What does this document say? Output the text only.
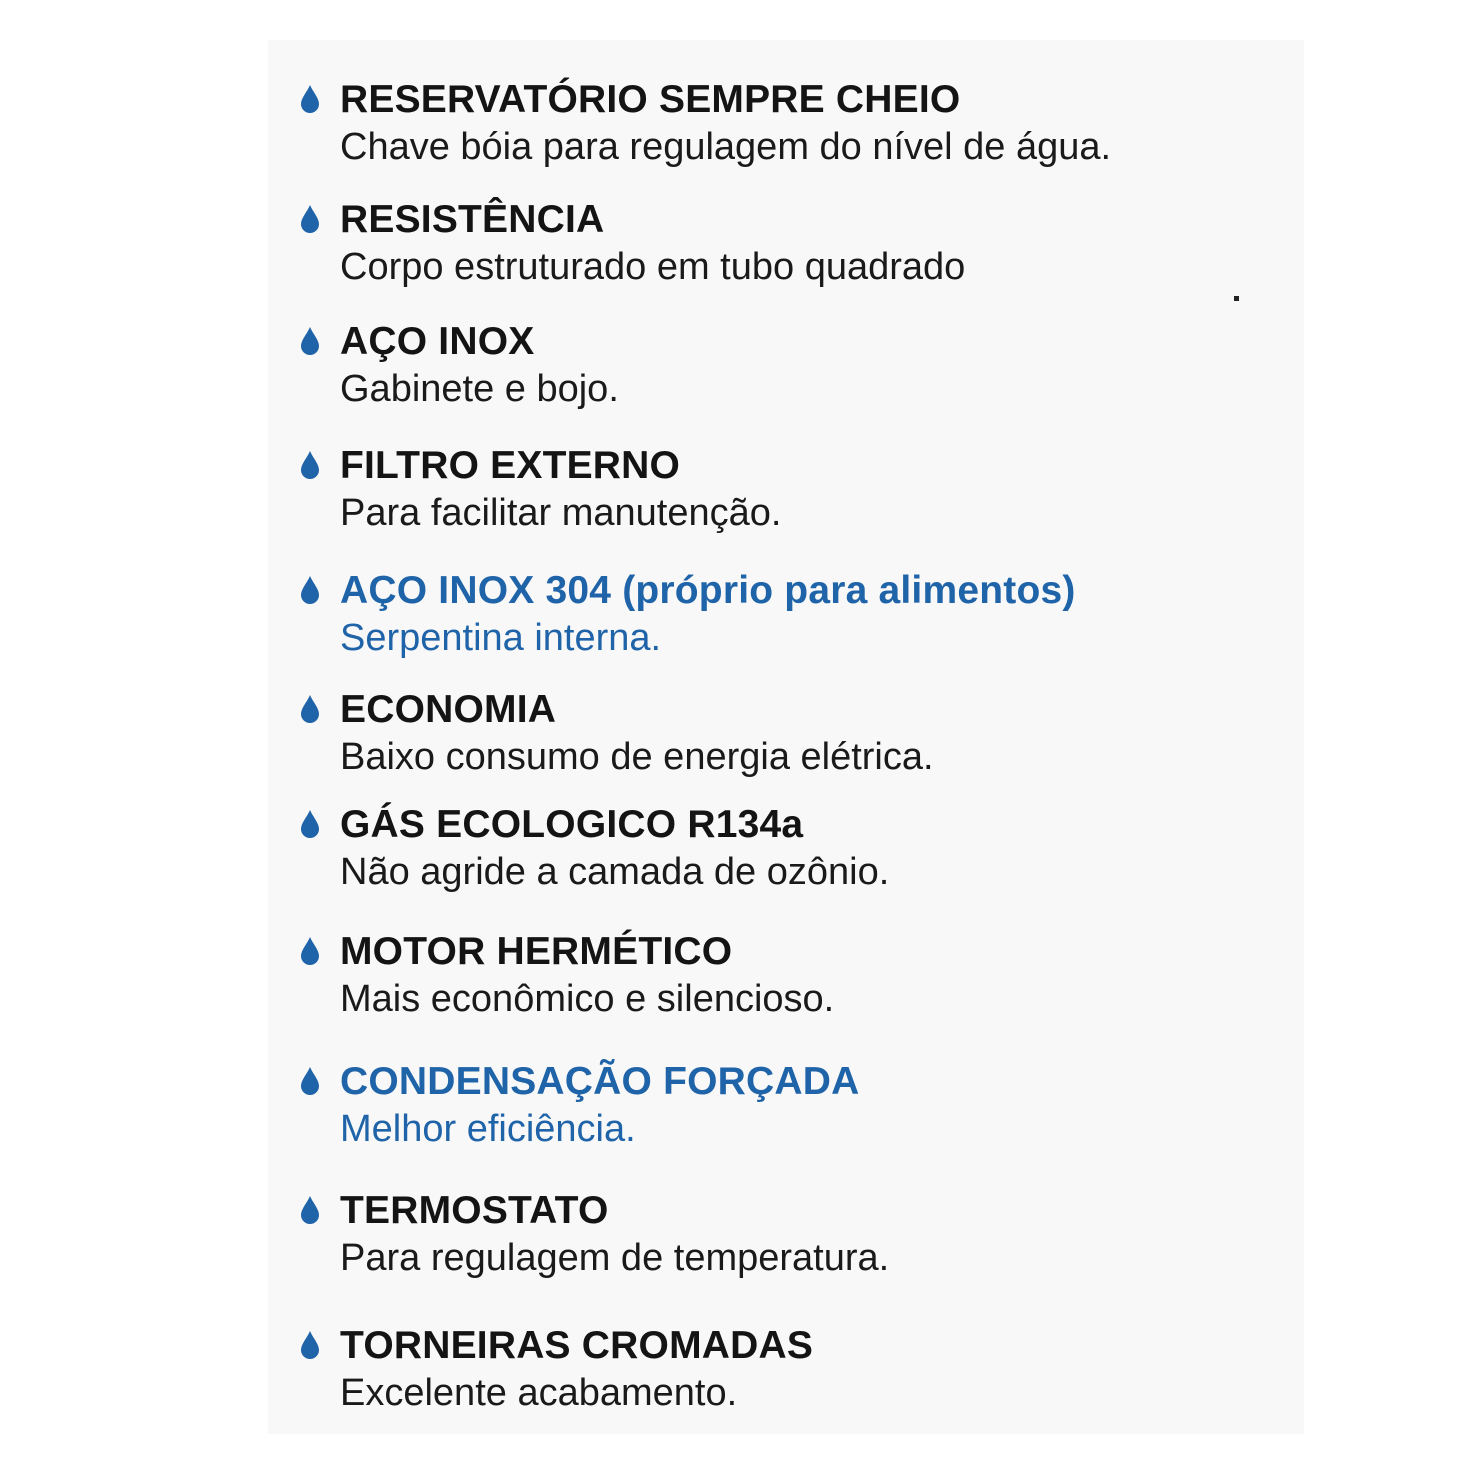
RESERVATÓRIO SEMPRE CHEIO
Chave bóia para regulagem do nível de água.
RESISTÊNCIA
Corpo estruturado em tubo quadrado
AÇO INOX
Gabinete e bojo.
FILTRO EXTERNO
Para facilitar manutenção.
AÇO INOX 304 (próprio para alimentos)
Serpentina interna.
ECONOMIA
Baixo consumo de energia elétrica.
GÁS ECOLOGICO R134a
Não agride a camada de ozônio.
MOTOR HERMÉTICO
Mais econômico e silencioso.
CONDENSAÇÃO FORÇADA
Melhor eficiência.
TERMOSTATO
Para regulagem de temperatura.
TORNEIRAS CROMADAS
Excelente acabamento.
